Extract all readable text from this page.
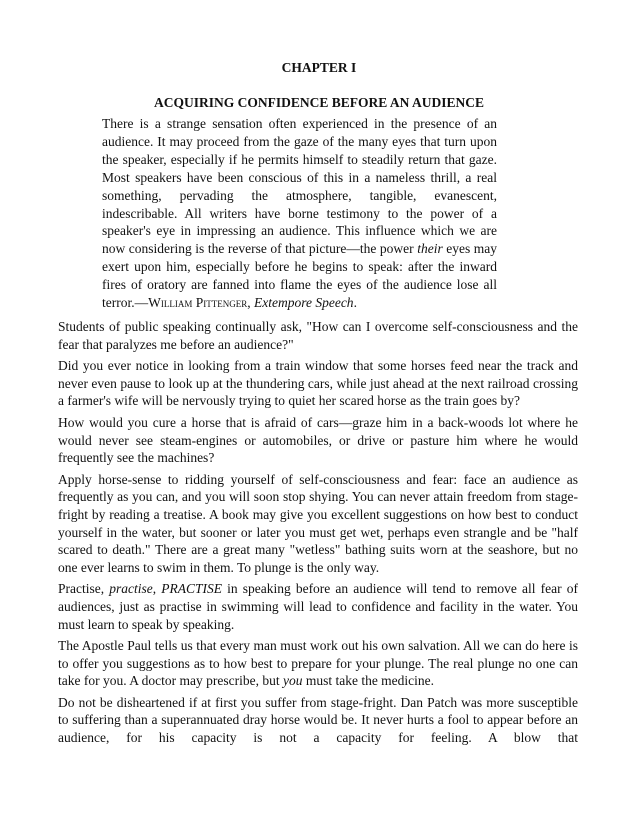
CHAPTER I
ACQUIRING CONFIDENCE BEFORE AN AUDIENCE
There is a strange sensation often experienced in the presence of an audience. It may proceed from the gaze of the many eyes that turn upon the speaker, especially if he permits himself to steadily return that gaze. Most speakers have been conscious of this in a nameless thrill, a real something, pervading the atmosphere, tangible, evanescent, indescribable. All writers have borne testimony to the power of a speaker's eye in impressing an audience. This influence which we are now considering is the reverse of that picture—the power their eyes may exert upon him, especially before he begins to speak: after the inward fires of oratory are fanned into flame the eyes of the audience lose all terror.—William Pittenger, Extempore Speech.

Students of public speaking continually ask, "How can I overcome self-consciousness and the fear that paralyzes me before an audience?"

Did you ever notice in looking from a train window that some horses feed near the track and never even pause to look up at the thundering cars, while just ahead at the next railroad crossing a farmer's wife will be nervously trying to quiet her scared horse as the train goes by?

How would you cure a horse that is afraid of cars—graze him in a back-woods lot where he would never see steam-engines or automobiles, or drive or pasture him where he would frequently see the machines?

Apply horse-sense to ridding yourself of self-consciousness and fear: face an audience as frequently as you can, and you will soon stop shying. You can never attain freedom from stage-fright by reading a treatise. A book may give you excellent suggestions on how best to conduct yourself in the water, but sooner or later you must get wet, perhaps even strangle and be "half scared to death." There are a great many "wetless" bathing suits worn at the seashore, but no one ever learns to swim in them. To plunge is the only way.

Practise, practise, PRACTISE in speaking before an audience will tend to remove all fear of audiences, just as practise in swimming will lead to confidence and facility in the water. You must learn to speak by speaking.

The Apostle Paul tells us that every man must work out his own salvation. All we can do here is to offer you suggestions as to how best to prepare for your plunge. The real plunge no one can take for you. A doctor may prescribe, but you must take the medicine.

Do not be disheartened if at first you suffer from stage-fright. Dan Patch was more susceptible to suffering than a superannuated dray horse would be. It never hurts a fool to appear before an audience, for his capacity is not a capacity for feeling. A blow that
